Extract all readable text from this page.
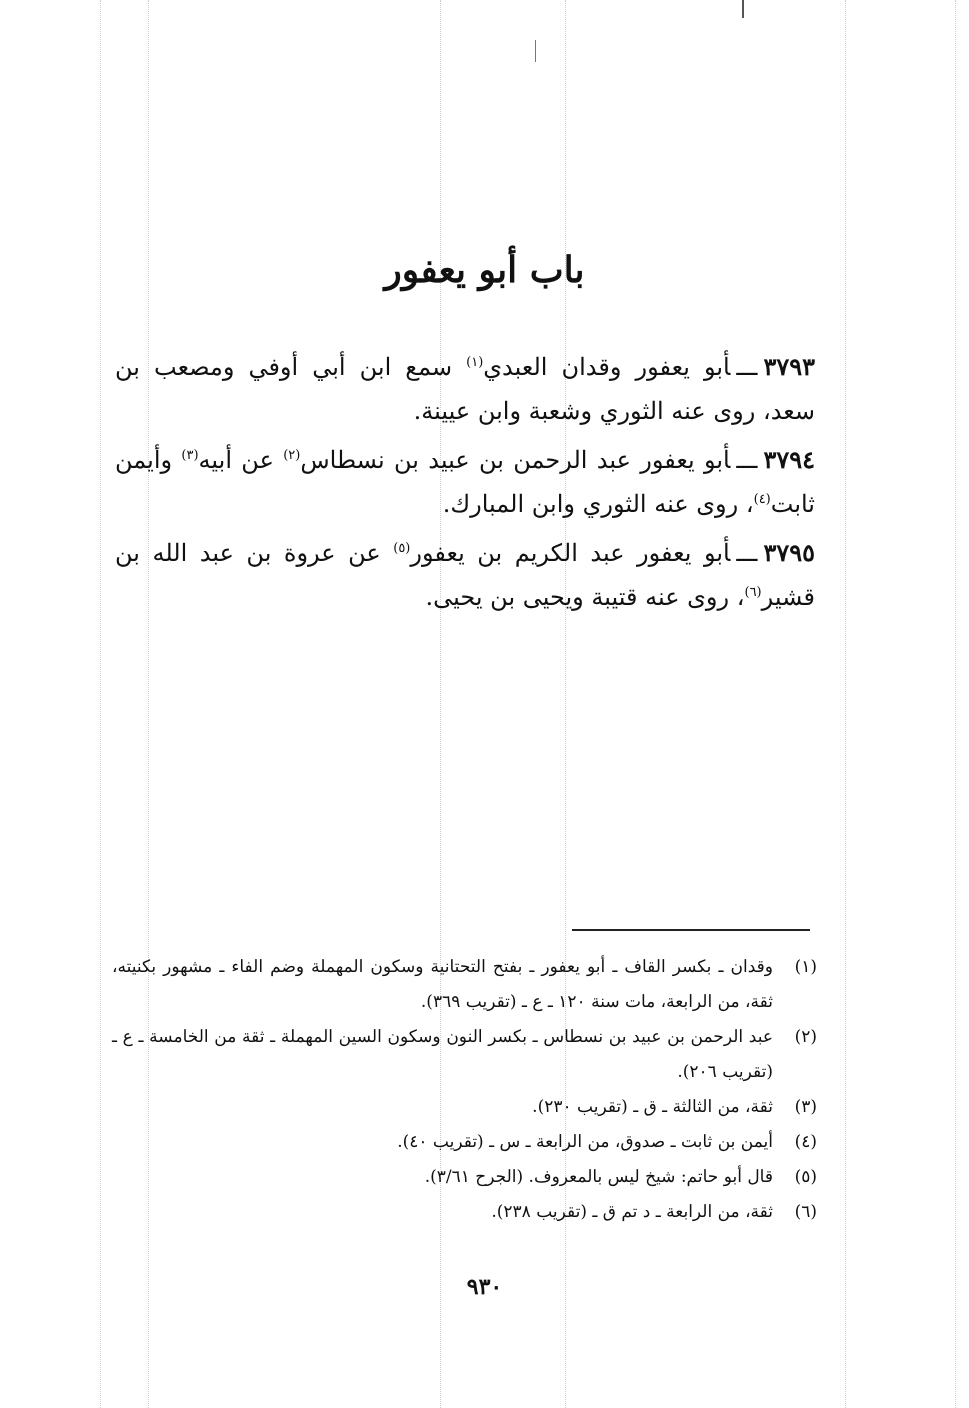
باب أبو يعفور

٣٧٩٣ـــأبو يعفور وقدان العبدي$^{(١)}$ سمع ابن أبي أوفي ومصعب بن سعد، روى عنه الثوري وشعبة وابن عيينة.

٣٧٩٤ـــأبو يعفور عبد الرحمن بن عبيد بن نسطاس$^{(٢)}$ عن أبيه$^{(٣)}$ وأيمن ثابت$^{(٤)}$، روى عنه الثوري وابن المبارك.

٣٧٩٥ـــأبو يعفور عبد الكريم بن يعفور$^{(٥)}$ عن عروة بن عبد الله بن قشير$^{(٦)}$، روى عنه قتيبة ويحيى بن يحيى.

(١)
وقدان ـ بكسر القاف ـ أبو يعفور ـ بفتح التحتانية وسكون المهملة وضم الفاء ـ مشهور بكنيته، ثقة، من الرابعة، مات سنة ١٢٠ ـ ع ـ (تقريب ٣٦٩).
(٢)
عبد الرحمن بن عبيد بن نسطاس ـ بكسر النون وسكون السين المهملة ـ ثقة من الخامسة ـ ع ـ (تقريب ٢٠٦).
(٣)
ثقة، من الثالثة ـ ق ـ (تقريب ٢٣٠).
(٤)
أيمن بن ثابت ـ صدوق، من الرابعة ـ س ـ (تقريب ٤٠).
(٥)
قال أبو حاتم: شيخ ليس بالمعروف. (الجرح ٣/٦١).
(٦)
ثقة، من الرابعة ـ د تم ق ـ (تقريب ٢٣٨).
٩٣٠
